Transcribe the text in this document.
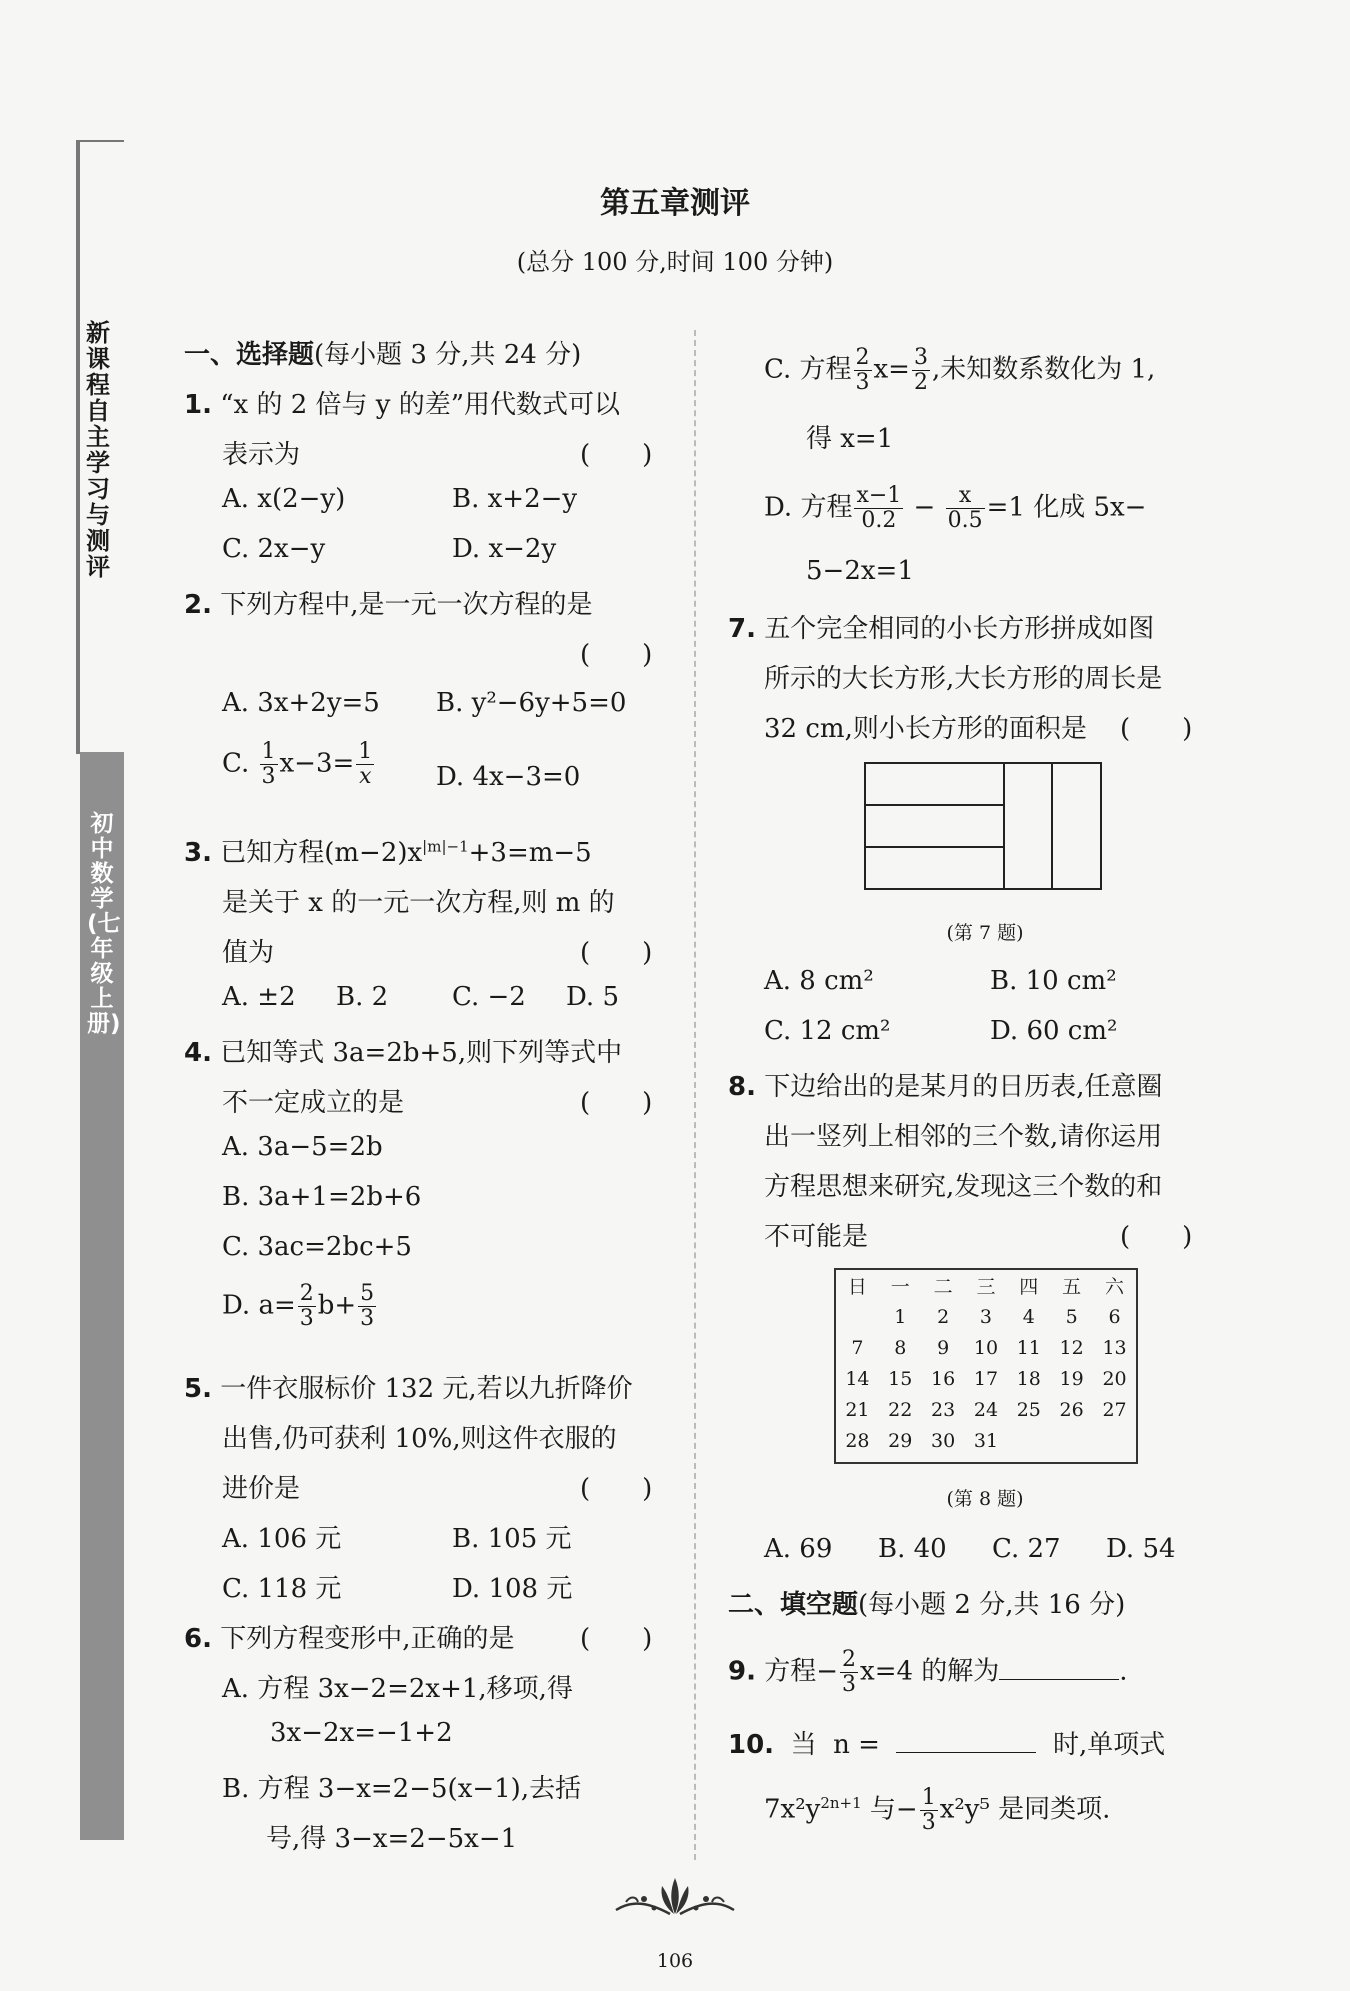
新课程自主学习与测评
初中数学(七年级上册)
第五章测评
(总分 100 分,时间 100 分钟)
一、选择题(每小题 3 分,共 24 分)
1. “x 的 2 倍与 y 的差”用代数式可以
表示为	(　　)
A. x(2−y)	B. x+2−y
C. 2x−y	D. x−2y
2. 下列方程中,是一元一次方程的是
(　　)
A. 3x+2y=5 B. y²−6y+5=0
C. $\frac{1}{3} x-3= \frac{1}{x} D$. 4x−3=0
3. 已知方程$(m-2)x^{|m|-1}+3=m-5$
是关于 x 的一元一次方程,则 m 的
值为	(　　)
A. ±2 B. 2 C. −2 D. 5
4. 已知等式 3a=2b+5,则下列等式中
不一定成立的是	(　　)
A. 3a−5=2b
B. 3a+1=2b+6
C. 3ac=2bc+5
D. $a= \frac{2}{3} b+ \frac{5}{3}$
5. 一件衣服标价 132 元,若以九折降价
出售,仍可获利 10%,则这件衣服的
进价是	(　　)
A. 106 元	B. 105 元
C. 118 元	D. 108 元
6. 下列方程变形中,正确的是	(　　)
A. 方程 3x−2=2x+1,移项,得
3x−2x=−1+2
B. 方程 3−x=2−5(x−1),去括
号,得 3−x=2−5x−1
C. 方程 $\frac{2}{3} x= \frac{3}{2}$ ,未知数系数化为 1,
得 x=1
D. 方程 $\frac{x-1}{0.2} - \frac{x}{0.5} =1$ 化成 5x−
5−2x=1
7. 五个完全相同的小长方形拼成如图
所示的大长方形,大长方形的周长是
32 cm,则小长方形的面积是 (　　)
(第 7 题)
A. 8 cm²	B. 10 cm²
C. 12 cm²	D. 60 cm²
8. 下边给出的是某月的日历表,任意圈
出一竖列上相邻的三个数,请你运用
方程思想来研究,发现这三个数的和
不可能是	(　　)
日	一	二	三	四	五	六
	1	2	3	4	5	6
7	8	9	10	11	12	13
14	15	16	17	18	19	20
21	22	23	24	25	26	27
28	29	30	31			
(第 8 题)
A. 69 B. 40 C. 27 D. 54
二、填空题(每小题 2 分,共 16 分)
9. 方程− $\frac{2}{3} x=4$ 的解为	.
10. 当 n =	时,单项式
$7x^2y^{2n+1}$ 与− $\frac{1}{3} x^2y^5$ 是同类项.
106
